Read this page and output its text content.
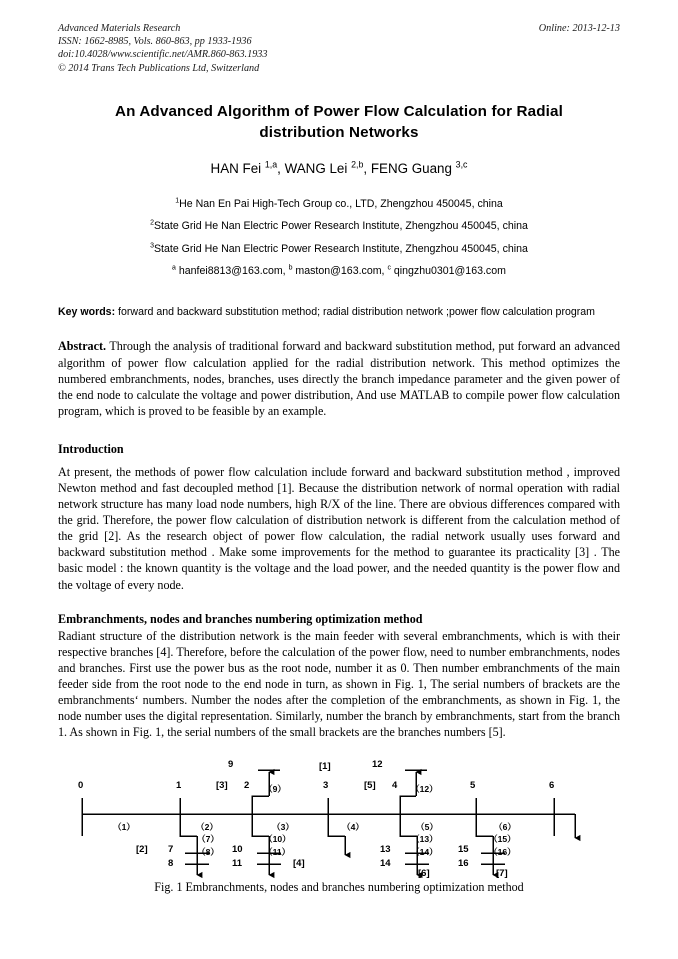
Advanced Materials Research
ISSN: 1662-8985, Vols. 860-863, pp 1933-1936
doi:10.4028/www.scientific.net/AMR.860-863.1933
© 2014 Trans Tech Publications Ltd, Switzerland
Online: 2013-12-13
An Advanced Algorithm of Power Flow Calculation for Radial
distribution Networks
HAN Fei $^{1,a}$, WANG Lei $^{2,b}$, FENG Guang $^{3,c}$
$^1$He Nan En Pai High-Tech Group co., LTD, Zhengzhou 450045, china
$^2$State Grid He Nan Electric Power Research Institute, Zhengzhou 450045, china
$^3$State Grid He Nan Electric Power Research Institute, Zhengzhou 450045, china
$^a$ hanfei8813@163.com, $^b$ maston@163.com, $^c$ qingzhu0301@163.com
Key words: forward and backward substitution method; radial distribution network ;power flow calculation program
Abstract. Through the analysis of traditional forward and backward substitution method, put forward an advanced algorithm of power flow calculation applied for the radial distribution network. This method optimizes the numbered embranchments, nodes, branches, uses directly the branch impedance parameter and the given power of the end node to calculate the voltage and power distribution, And use MATLAB to compile power flow calculation program, which is proved to be feasible by an example.
Introduction

At present, the methods of power flow calculation include forward and backward substitution method , improved Newton method and fast decoupled method [1]. Because the distribution network of normal operation with radial network structure has many load node numbers, high R/X of the line. There are obvious differences compared with the grid. Therefore, the power flow calculation of distribution network is different from the calculation method of the grid [2]. As the research object of power flow calculation, the radial network usually uses forward and backward substitution method . Make some improvements for the method to guarantee its practicality [3] . The basic model : the known quantity is the voltage and the load power, and the needed quantity is the power flow and the voltage of every node.

Embranchments, nodes and branches numbering optimization method

Radiant structure of the distribution network is the main feeder with several embranchments, which is with their respective branches [4]. Therefore, before the calculation of the power flow, need to number embranchments, nodes and branches. First use the power bus as the root node, number it as 0. Then number embranchments of the main feeder side from the root node to the end node in turn, as shown in Fig. 1, The serial numbers of brackets are the embranchments‘ numbers. Number the nodes after the completion of the embranchments, as shown in Fig. 1, the node number uses the digital representation. Similarly, number the branch by embranchments, start from the branch 1. As shown in Fig. 1, the serial numbers of the small brackets are the branches numbers [5].

0	1	2	3	4	5	6
9	12
7
8
10
11
13
14
15
16
[1]
[2]
[3]
[4]
[5]
[6]	[7]
（1）	（2）	（3）	（4）	（5）	（6）
（7）
（8）
（9）
（10）
（11）
（12）
（13）
（14）
（15）
（16）
Fig. 1 Embranchments, nodes and branches numbering optimization method
